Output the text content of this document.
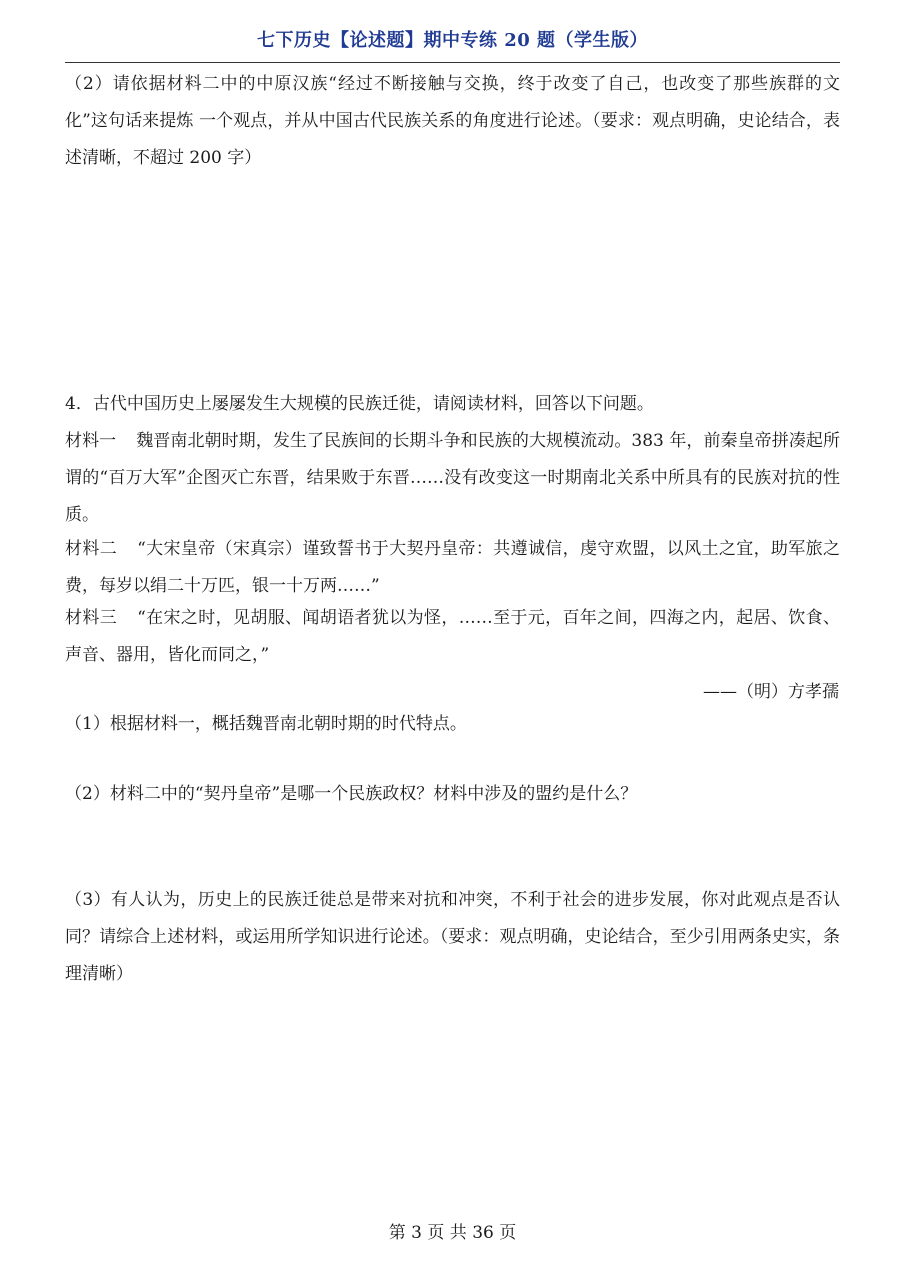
七下历史【论述题】期中专练 20 题（学生版）

（2）请依据材料二中的中原汉族“经过不断接触与交换，终于改变了自己，也改变了那些族群的文化”这句话来提炼 一个观点，并从中国古代民族关系的角度进行论述。（要求：观点明确，史论结合，表述清晰，不超过 200 字）

4．古代中国历史上屡屡发生大规模的民族迁徙，请阅读材料，回答以下问题。

材料一 魏晋南北朝时期，发生了民族间的长期斗争和民族的大规模流动。383 年，前秦皇帝拼凑起所谓的“百万大军”企图灭亡东晋，结果败于东晋……没有改变这一时期南北关系中所具有的民族对抗的性质。

材料二 “大宋皇帝（宋真宗）谨致誓书于大契丹皇帝：共遵诚信，虔守欢盟，以风土之宜，助军旅之费，每岁以绢二十万匹，银一十万两……”

材料三 “在宋之时，见胡服、闻胡语者犹以为怪，……至于元，百年之间，四海之内，起居、饮食、声音、器用，皆化而同之，”

——（明）方孝孺

（1）根据材料一，概括魏晋南北朝时期的时代特点。

（2）材料二中的“契丹皇帝”是哪一个民族政权？材料中涉及的盟约是什么？

（3）有人认为，历史上的民族迁徙总是带来对抗和冲突，不利于社会的进步发展，你对此观点是否认同？请综合上述材料，或运用所学知识进行论述。（要求：观点明确，史论结合，至少引用两条史实，条理清晰）

第 3 页 共 36 页
